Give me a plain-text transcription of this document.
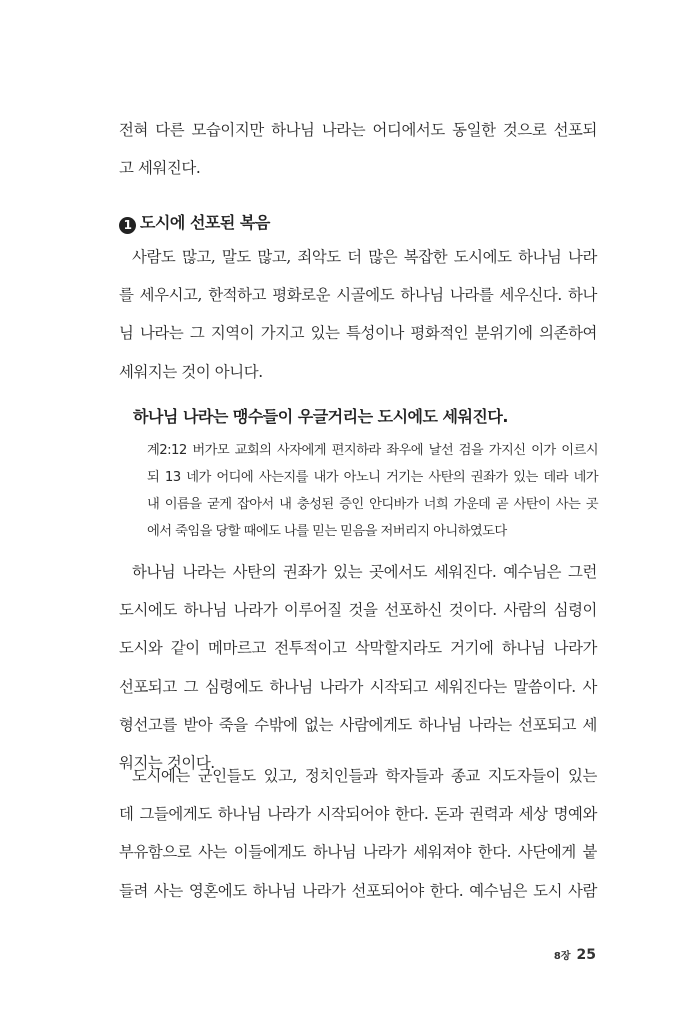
전혀 다른 모습이지만 하나님 나라는 어디에서도 동일한 것으로 선포되
고 세워진다.
1 도시에 선포된 복음
사람도 많고, 말도 많고, 죄악도 더 많은 복잡한 도시에도 하나님 나라
를 세우시고, 한적하고 평화로운 시골에도 하나님 나라를 세우신다. 하나
님 나라는 그 지역이 가지고 있는 특성이나 평화적인 분위기에 의존하여
세워지는 것이 아니다.
하나님 나라는 맹수들이 우글거리는 도시에도 세워진다.
계2:12 버가모 교회의 사자에게 편지하라 좌우에 날선 검을 가지신 이가 이르시
되 13 네가 어디에 사는지를 내가 아노니 거기는 사탄의 권좌가 있는 데라 네가
내 이름을 굳게 잡아서 내 충성된 증인 안디바가 너희 가운데 곧 사탄이 사는 곳
에서 죽임을 당할 때에도 나를 믿는 믿음을 저버리지 아니하였도다
하나님 나라는 사탄의 권좌가 있는 곳에서도 세워진다. 예수님은 그런
도시에도 하나님 나라가 이루어질 것을 선포하신 것이다. 사람의 심령이
도시와 같이 메마르고 전투적이고 삭막할지라도 거기에 하나님 나라가
선포되고 그 심령에도 하나님 나라가 시작되고 세워진다는 말씀이다. 사
형선고를 받아 죽을 수밖에 없는 사람에게도 하나님 나라는 선포되고 세
워지는 것이다.
도시에는 군인들도 있고, 정치인들과 학자들과 종교 지도자들이 있는
데 그들에게도 하나님 나라가 시작되어야 한다. 돈과 권력과 세상 명예와
부유함으로 사는 이들에게도 하나님 나라가 세워져야 한다. 사단에게 붙
들려 사는 영혼에도 하나님 나라가 선포되어야 한다. 예수님은 도시 사람
8장 25
